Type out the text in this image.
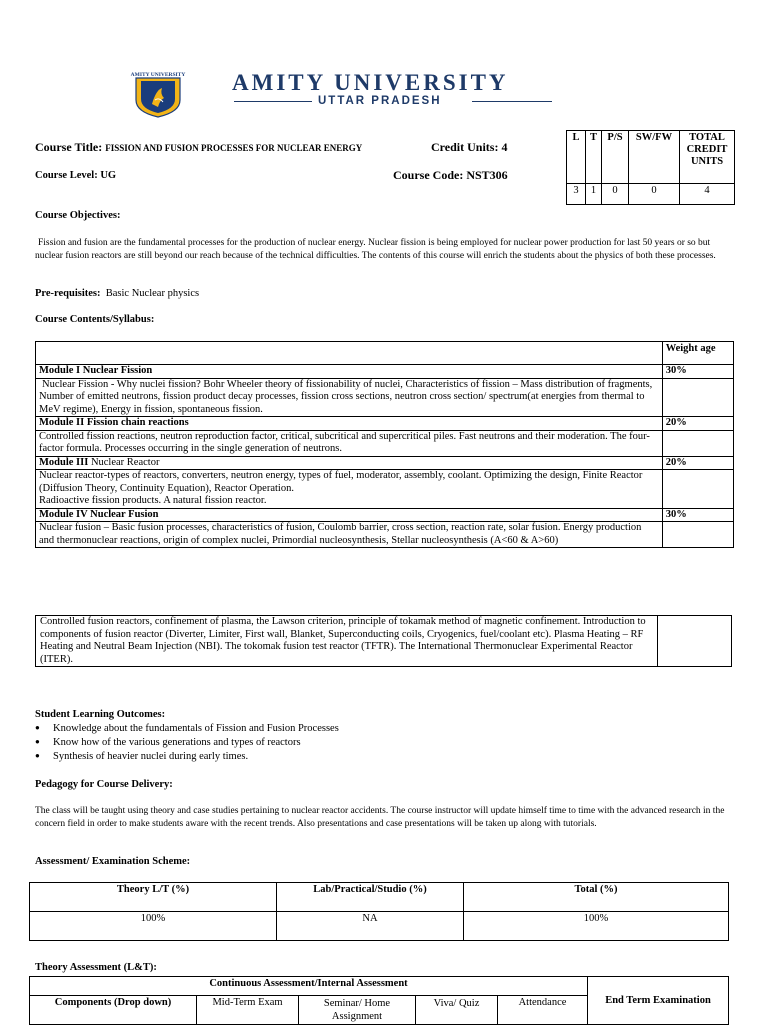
AMITY UNIVERSITY AMITY UNIVERSITY
UTTAR PRADESH
Course Title: FISSION AND FUSION PROCESSES FOR NUCLEAR ENERGY	Credit Units: 4
Course Level: UG	Course Code: NST306
L	T	P/S	SW/FW	TOTAL CREDIT UNITS
3	1	0	0	4
Course Objectives:
Fission and fusion are the fundamental processes for the production of nuclear energy. Nuclear fission is being employed for nuclear power production for last 50 years or so but nuclear fusion reactors are still beyond our reach because of the technical difficulties. The contents of this course will enrich the students about the physics of both these processes.
Pre-requisites: Basic Nuclear physics
Course Contents/Syllabus:
	Weight age
Module I Nuclear Fission	30%
Nuclear Fission - Why nuclei fission? Bohr Wheeler theory of fissionability of nuclei, Characteristics of fission – Mass distribution of fragments, Number of emitted neutrons, fission product decay processes, fission cross sections, neutron cross section/ spectrum(at energies from thermal to MeV regime), Energy in fission, spontaneous fission.	
Module II Fission chain reactions	20%
Controlled fission reactions, neutron reproduction factor, critical, subcritical and supercritical piles. Fast neutrons and their moderation. The four-factor formula. Processes occurring in the single generation of neutrons.	
Module III Nuclear Reactor	20%

Nuclear reactor-types of reactors, converters, neutron energy, types of fuel, moderator, assembly, coolant. Optimizing the design, Finite Reactor (Diffusion Theory, Continuity Equation), Reactor Operation.
Radioactive fission products. A natural fission reactor.	

Module IV Nuclear Fusion	30%
Nuclear fusion – Basic fusion processes, characteristics of fusion, Coulomb barrier, cross section, reaction rate, solar fusion. Energy production and thermonuclear reactions, origin of complex nuclei, Primordial nucleosynthesis, Stellar nucleosynthesis (A<60 & A>60)	
Controlled fusion reactors, confinement of plasma, the Lawson criterion, principle of tokamak method of magnetic confinement. Introduction to components of fusion reactor (Diverter, Limiter, First wall, Blanket, Superconducting coils, Cryogenics, fuel/coolant etc). Plasma Heating – RF Heating and Neutral Beam Injection (NBI). The tokomak fusion test reactor (TFTR). The International Thermonuclear Experimental Reactor (ITER).	
Student Learning Outcomes:

● Knowledge about the fundamentals of Fission and Fusion Processes

● Know how of the various generations and types of reactors

● Synthesis of heavier nuclei during early times.

Pedagogy for Course Delivery:
The class will be taught using theory and case studies pertaining to nuclear reactor accidents. The course instructor will update himself time to time with the advanced research in the concern field in order to make students aware with the recent trends. Also presentations and case presentations will be taken up along with tutorials.
Assessment/ Examination Scheme:
Theory L/T (%)	Lab/Practical/Studio (%)	Total (%)
100%	NA	100%
Theory Assessment (L&T):
Continuous Assessment/Internal Assessment					End Term Examination
Components (Drop down)	Mid-Term Exam	Seminar/ Home Assignment	Viva/ Quiz	Attendance	
